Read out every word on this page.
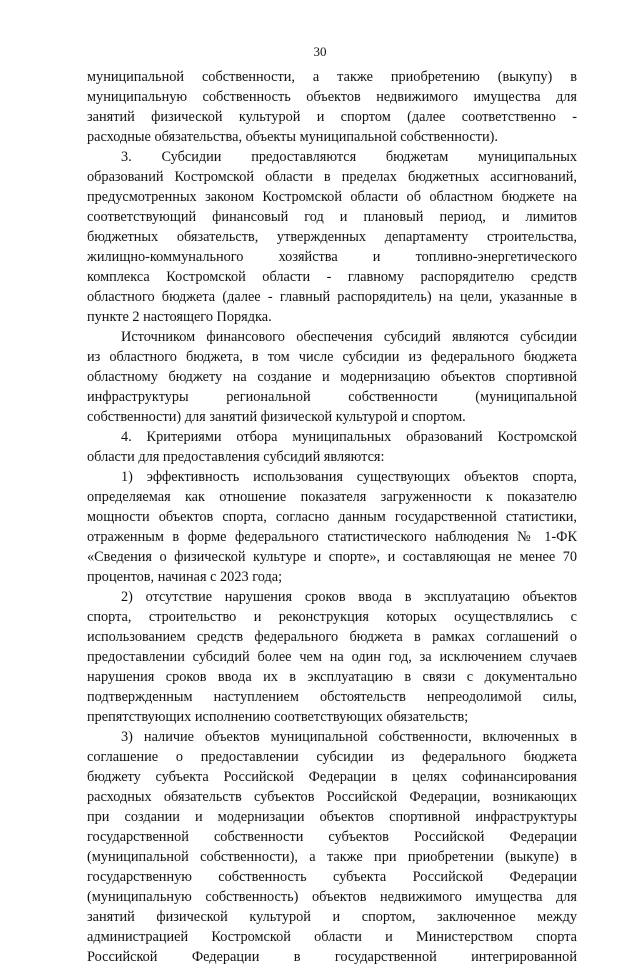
30
муниципальной собственности, а также приобретению (выкупу) в
муниципальную собственность объектов недвижимого имущества для
занятий физической культурой и спортом (далее соответственно -
расходные обязательства, объекты муниципальной собственности).
3. Субсидии предоставляются бюджетам муниципальных
образований Костромской области в пределах бюджетных ассигнований,
предусмотренных законом Костромской области об областном бюджете на
соответствующий финансовый год и плановый период, и лимитов
бюджетных обязательств, утвержденных департаменту строительства,
жилищно-коммунального хозяйства и топливно-энергетического
комплекса Костромской области - главному распорядителю средств
областного бюджета (далее - главный распорядитель) на цели, указанные в
пункте 2 настоящего Порядка.
Источником финансового обеспечения субсидий являются субсидии
из областного бюджета, в том числе субсидии из федерального бюджета
областному бюджету на создание и модернизацию объектов спортивной
инфраструктуры региональной собственности (муниципальной
собственности) для занятий физической культурой и спортом.
4. Критериями отбора муниципальных образований Костромской
области для предоставления субсидий являются:
1) эффективность использования существующих объектов спорта,
определяемая как отношение показателя загруженности к показателю
мощности объектов спорта, согласно данным государственной статистики,
отраженным в форме федерального статистического наблюдения № 1-ФК
«Сведения о физической культуре и спорте», и составляющая не менее 70
процентов, начиная с 2023 года;
2) отсутствие нарушения сроков ввода в эксплуатацию объектов
спорта, строительство и реконструкция которых осуществлялись с
использованием средств федерального бюджета в рамках соглашений о
предоставлении субсидий более чем на один год, за исключением случаев
нарушения сроков ввода их в эксплуатацию в связи с документально
подтвержденным наступлением обстоятельств непреодолимой силы,
препятствующих исполнению соответствующих обязательств;
3) наличие объектов муниципальной собственности, включенных в
соглашение о предоставлении субсидии из федерального бюджета
бюджету субъекта Российской Федерации в целях софинансирования
расходных обязательств субъектов Российской Федерации, возникающих
при создании и модернизации объектов спортивной инфраструктуры
государственной собственности субъектов Российской Федерации
(муниципальной собственности), а также при приобретении (выкупе) в
государственную собственность субъекта Российской Федерации
(муниципальную собственность) объектов недвижимого имущества для
занятий физической культурой и спортом, заключенное между
администрацией Костромской области и Министерством спорта
Российской Федерации в государственной интегрированной
